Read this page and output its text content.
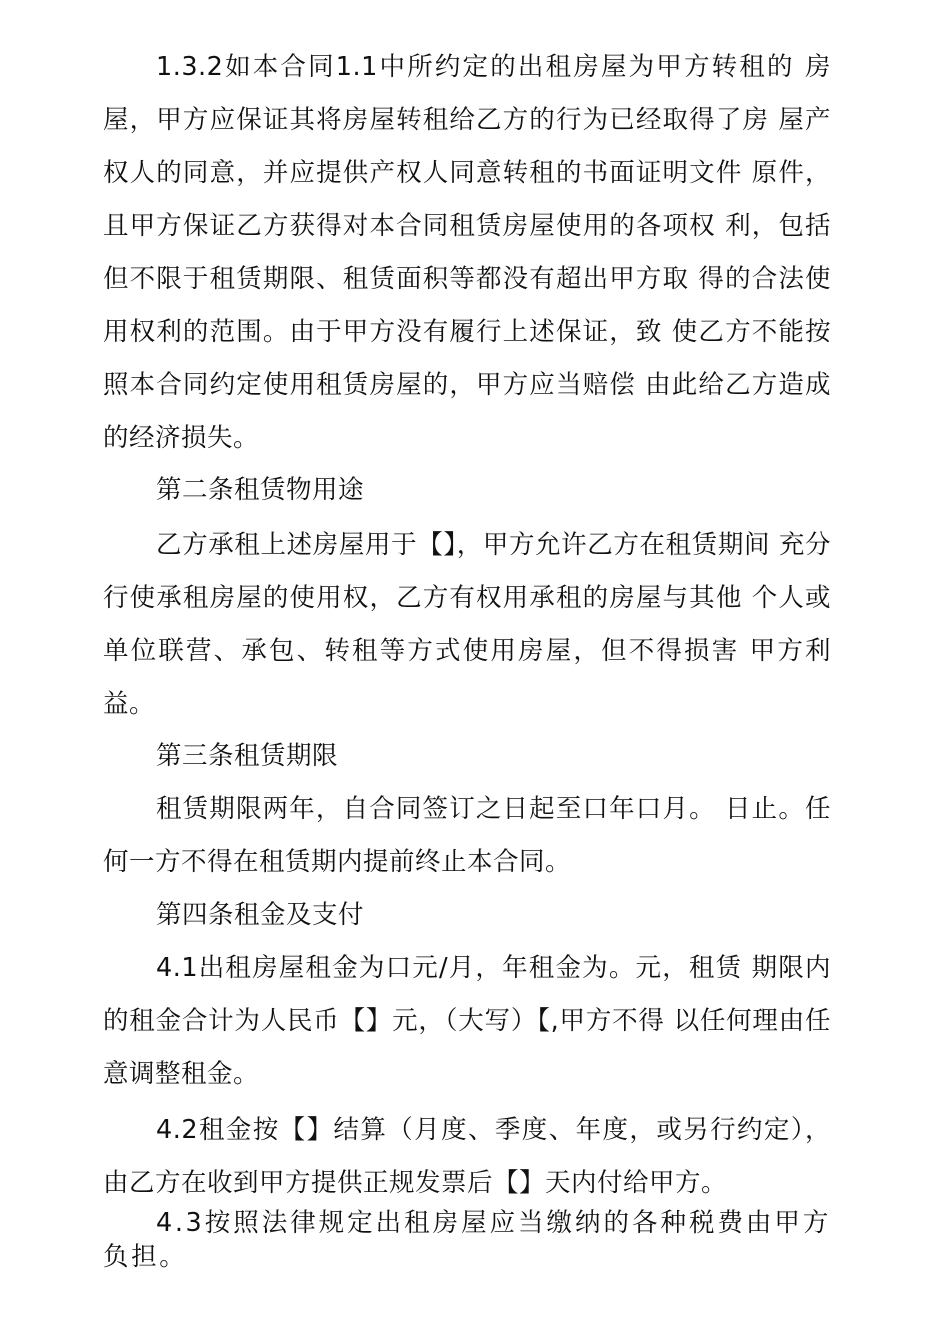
1.3.2如本合同1.1中所约定的出租房屋为甲方转租的 房屋，甲方应保证其将房屋转租给乙方的行为已经取得了房 屋产权人的同意，并应提供产权人同意转租的书面证明文件 原件，且甲方保证乙方获得对本合同租赁房屋使用的各项权 利，包括但不限于租赁期限、租赁面积等都没有超出甲方取 得的合法使用权利的范围。由于甲方没有履行上述保证，致 使乙方不能按照本合同约定使用租赁房屋的，甲方应当赔偿 由此给乙方造成的经济损失。

第二条租赁物用途

乙方承租上述房屋用于【】，甲方允许乙方在租赁期间 充分行使承租房屋的使用权，乙方有权用承租的房屋与其他 个人或单位联营、承包、转租等方式使用房屋，但不得损害 甲方利益。

第三条租赁期限

租赁期限两年，自合同签订之日起至口年口月。 日止。任何一方不得在租赁期内提前终止本合同。

第四条租金及支付

4.1出租房屋租金为口元/月，年租金为。元，租赁 期限内的租金合计为人民币【】元，（大写）【,甲方不得 以任何理由任意调整租金。

4.2租金按【】结算（月度、季度、年度，或另行约定），由乙方在收到甲方提供正规发票后【】天内付给甲方。

4.3按照法律规定出租房屋应当缴纳的各种税费由甲方负担。
